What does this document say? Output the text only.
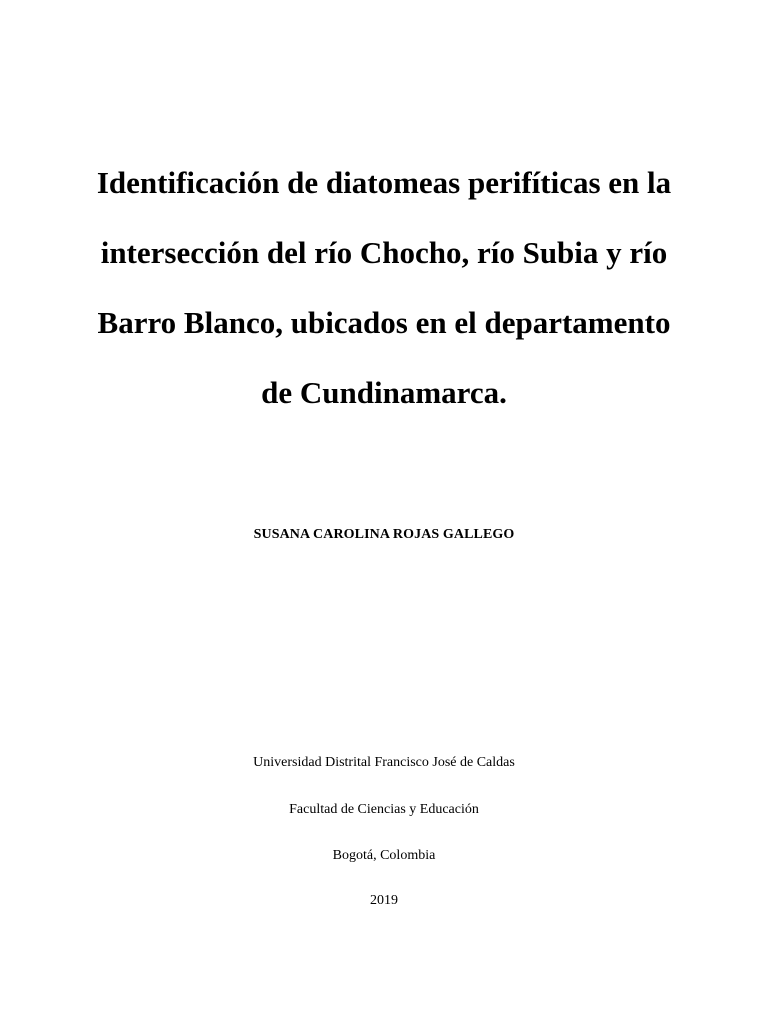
Identificación de diatomeas perifíticas en la
intersección del río Chocho, río Subia y río
Barro Blanco, ubicados en el departamento
de Cundinamarca.
SUSANA CAROLINA ROJAS GALLEGO
Universidad Distrital Francisco José de Caldas
Facultad de Ciencias y Educación
Bogotá, Colombia
2019
